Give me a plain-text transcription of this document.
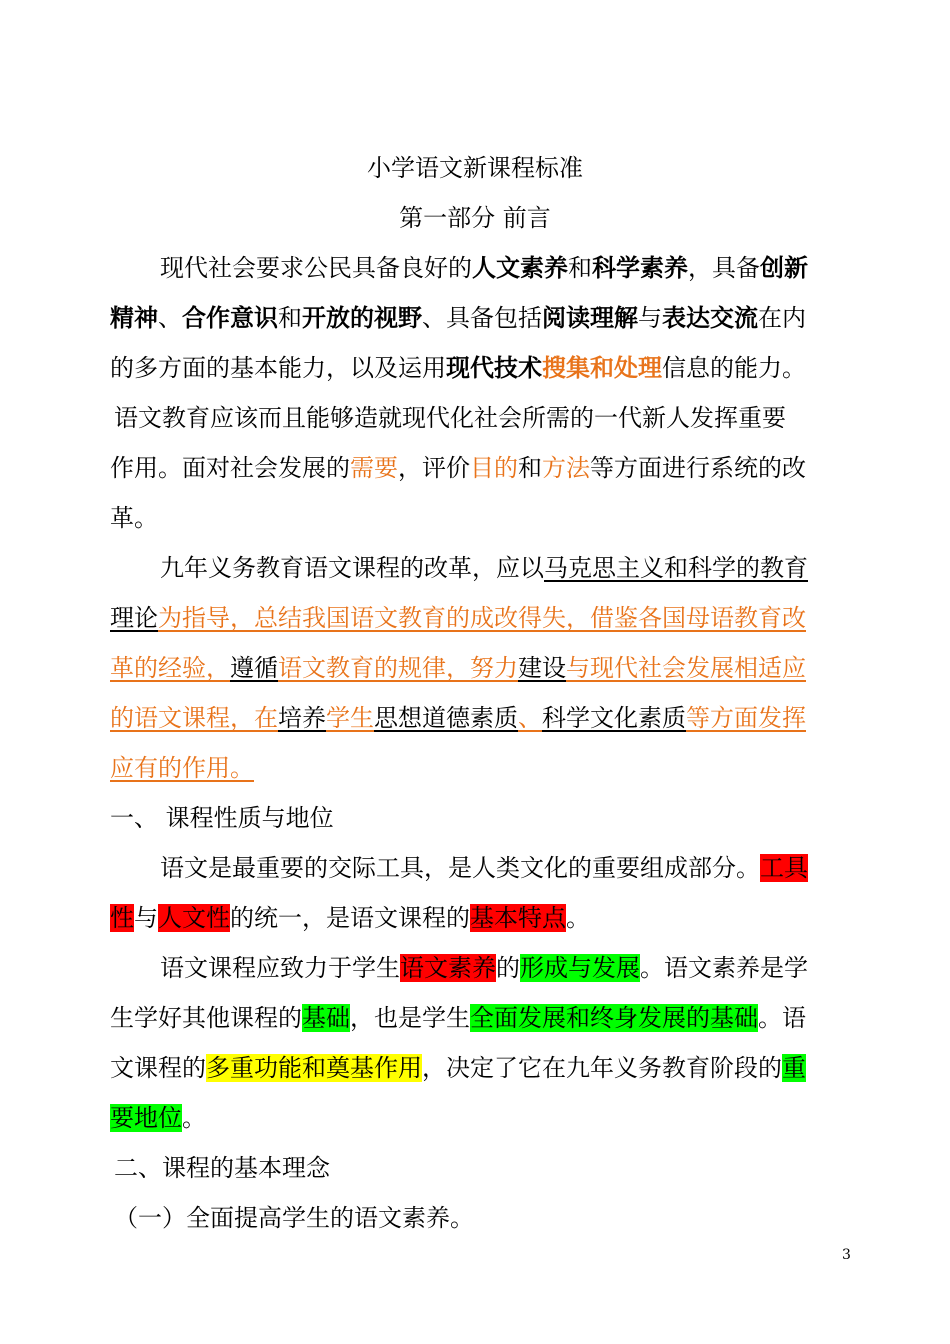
小学语文新课程标准
第一部分 前言
现代社会要求公民具备良好的人文素养和科学素养，具备创新
精神、合作意识和开放的视野、具备包括阅读理解与表达交流在内
的多方面的基本能力，以及运用现代技术搜集和处理信息的能力。
语文教育应该而且能够造就现代化社会所需的一代新人发挥重要
作用。面对社会发展的需要，评价目的和方法等方面进行系统的改
革。
九年义务教育语文课程的改革，应以马克思主义和科学的教育
理论为指导，总结我国语文教育的成改得失，借鉴各国母语教育改
革的经验，遵循语文教育的规律，努力建设与现代社会发展相适应
的语文课程，在培养学生思想道德素质、科学文化素质等方面发挥
应有的作用。
一、 课程性质与地位
语文是最重要的交际工具，是人类文化的重要组成部分。工具
性与人文性的统一，是语文课程的基本特点。
语文课程应致力于学生语文素养的形成与发展。语文素养是学
生学好其他课程的基础，也是学生全面发展和终身发展的基础。语
文课程的多重功能和奠基作用，决定了它在九年义务教育阶段的重
要地位。
二、课程的基本理念
（一）全面提高学生的语文素养。
3
